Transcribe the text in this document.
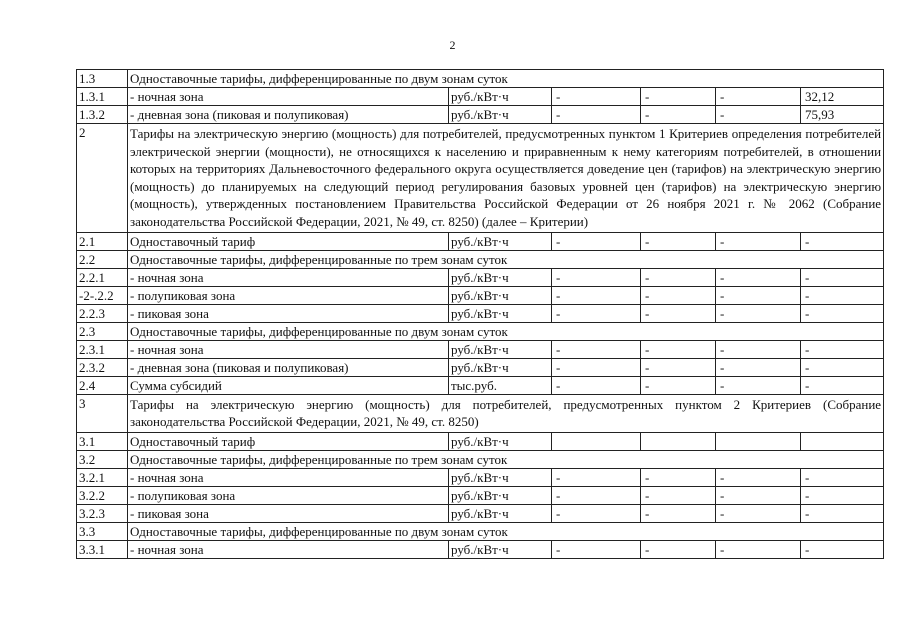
2
1.3	Одноставочные тарифы, дифференцированные по двум зонам суток					
1.3.1	- ночная зона	руб./кВт·ч	-	-	-	32,12
1.3.2	- дневная зона (пиковая и полупиковая)	руб./кВт·ч	-	-	-	75,93
2	Тарифы на электрическую энергию (мощность) для потребителей, предусмотренных пунктом 1 Критериев определения потребителей электрической энергии (мощности), не относящихся к населению и приравненным к нему категориям потребителей, в отношении которых на территориях Дальневосточного федерального округа осуществляется доведение цен (тарифов) на электрическую энергию (мощность) до планируемых на следующий период регулирования базовых уровней цен (тарифов) на электрическую энергию (мощность), утвержденных постановлением Правительства Российской Федерации от 26 ноября 2021 г. № 2062 (Собрание законодательства Российской Федерации, 2021, № 49, ст. 8250) (далее – Критерии)					
2.1	Одноставочный тариф	руб./кВт·ч	-	-	-	-
2.2	Одноставочные тарифы, дифференцированные по трем зонам суток					
2.2.1	- ночная зона	руб./кВт·ч	-	-	-	-
-2-.2.2	- полупиковая зона	руб./кВт·ч	-	-	-	-
2.2.3	- пиковая зона	руб./кВт·ч	-	-	-	-
2.3	Одноставочные тарифы, дифференцированные по двум зонам суток					
2.3.1	- ночная зона	руб./кВт·ч	-	-	-	-
2.3.2	- дневная зона (пиковая и полупиковая)	руб./кВт·ч	-	-	-	-
2.4	Сумма субсидий	тыс.руб.	-	-	-	-
3	Тарифы на электрическую энергию (мощность) для потребителей, предусмотренных пунктом 2 Критериев (Собрание законодательства Российской Федерации, 2021, № 49, ст. 8250)					
3.1	Одноставочный тариф	руб./кВт·ч				
3.2	Одноставочные тарифы, дифференцированные по трем зонам суток					
3.2.1	- ночная зона	руб./кВт·ч	-	-	-	-
3.2.2	- полупиковая зона	руб./кВт·ч	-	-	-	-
3.2.3	- пиковая зона	руб./кВт·ч	-	-	-	-
3.3	Одноставочные тарифы, дифференцированные по двум зонам суток					
3.3.1	- ночная зона	руб./кВт·ч	-	-	-	-
